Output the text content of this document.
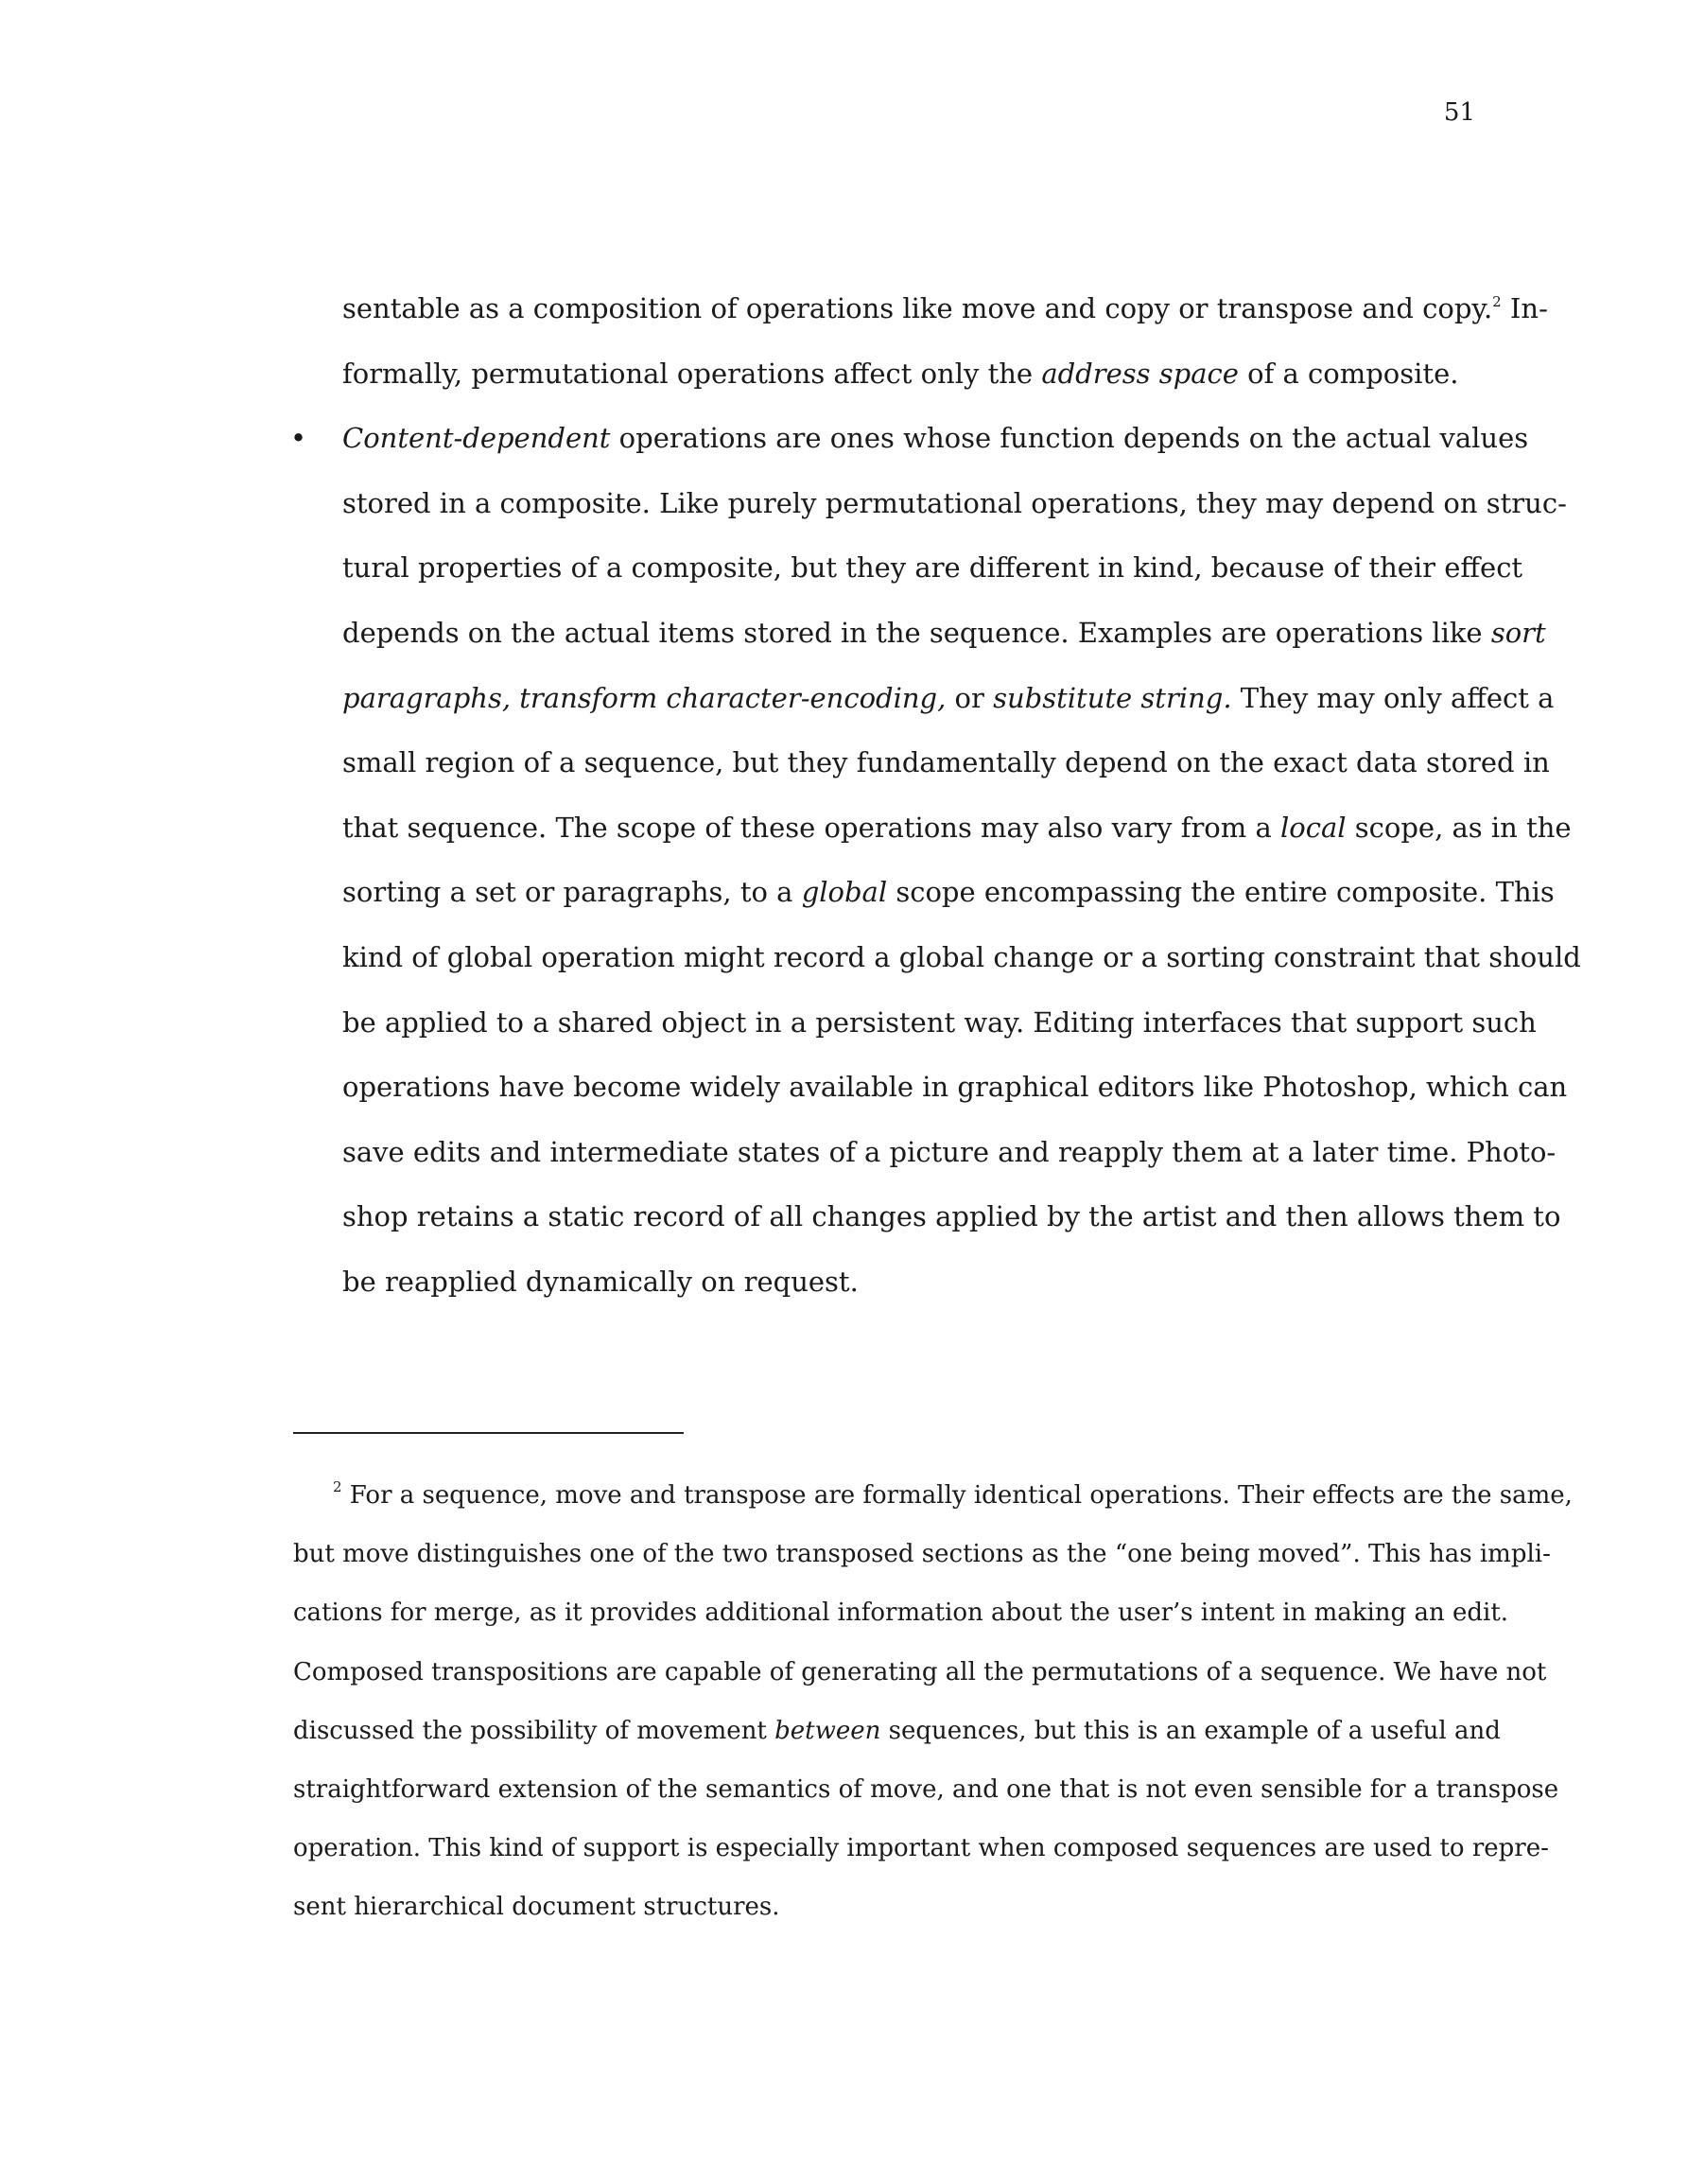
51
sentable as a composition of operations like move and copy or transpose and copy.$^2$ In-
formally, permutational operations affect only the address space of a composite.
• Content-dependent operations are ones whose function depends on the actual values
stored in a composite. Like purely permutational operations, they may depend on struc-
tural properties of a composite, but they are different in kind, because of their effect
depends on the actual items stored in the sequence. Examples are operations like sort
paragraphs, transform character-encoding, or substitute string. They may only affect a
small region of a sequence, but they fundamentally depend on the exact data stored in
that sequence. The scope of these operations may also vary from a local scope, as in the
sorting a set or paragraphs, to a global scope encompassing the entire composite. This
kind of global operation might record a global change or a sorting constraint that should
be applied to a shared object in a persistent way. Editing interfaces that support such
operations have become widely available in graphical editors like Photoshop, which can
save edits and intermediate states of a picture and reapply them at a later time. Photo-
shop retains a static record of all changes applied by the artist and then allows them to
be reapplied dynamically on request.
$^2$ For a sequence, move and transpose are formally identical operations. Their effects are the same,
but move distinguishes one of the two transposed sections as the “one being moved”. This has impli-
cations for merge, as it provides additional information about the user’s intent in making an edit.
Composed transpositions are capable of generating all the permutations of a sequence. We have not
discussed the possibility of movement between sequences, but this is an example of a useful and
straightforward extension of the semantics of move, and one that is not even sensible for a transpose
operation. This kind of support is especially important when composed sequences are used to repre-
sent hierarchical document structures.
